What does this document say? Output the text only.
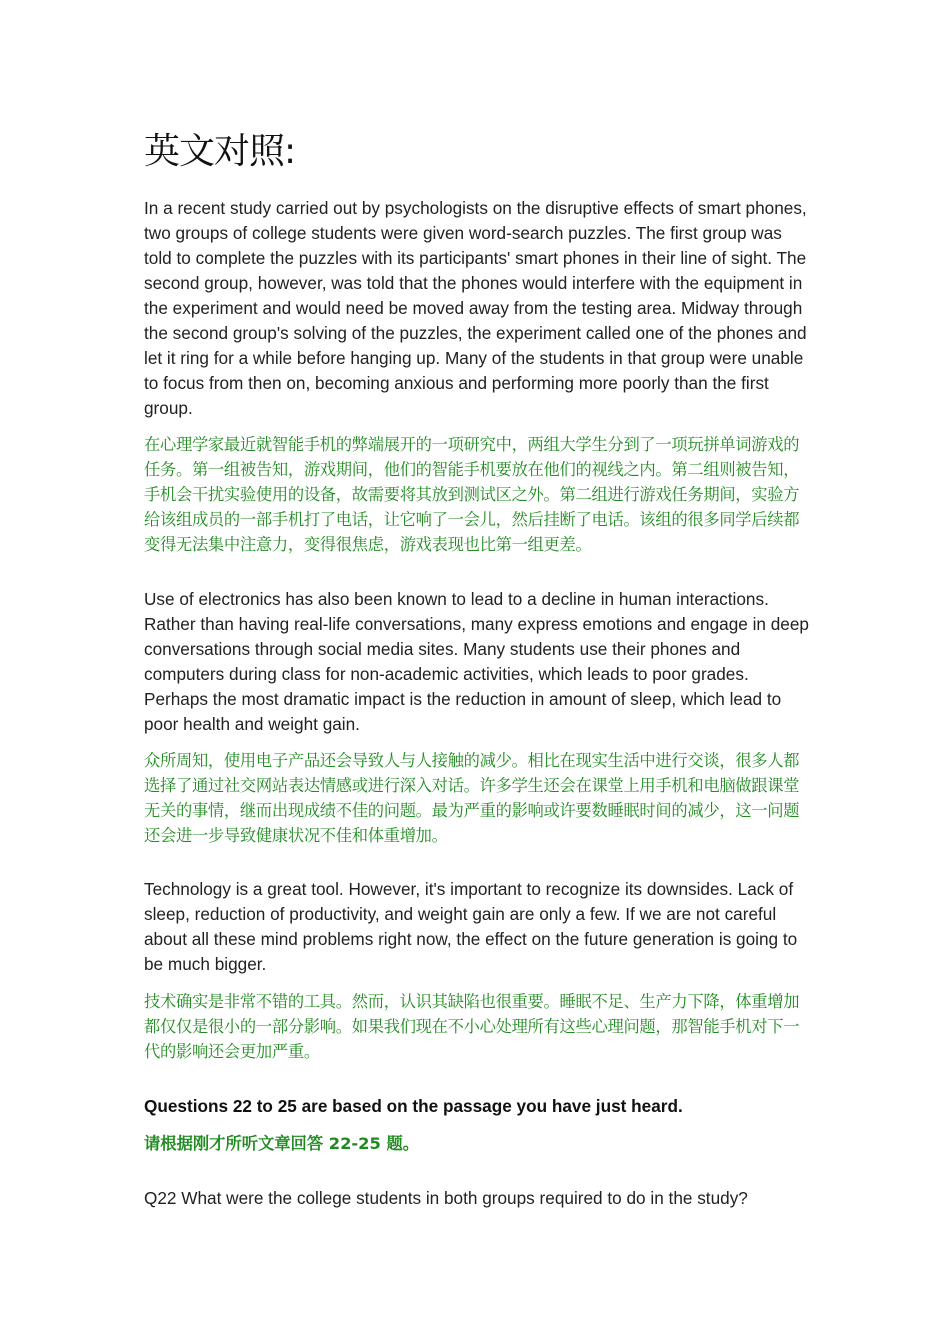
英文对照:

In a recent study carried out by psychologists on the disruptive effects of smart phones, two groups of college students were given word-search puzzles. The first group was told to complete the puzzles with its participants' smart phones in their line of sight. The second group, however, was told that the phones would interfere with the equipment in the experiment and would need be moved away from the testing area. Midway through the second group's solving of the puzzles, the experiment called one of the phones and let it ring for a while before hanging up. Many of the students in that group were unable to focus from then on, becoming anxious and performing more poorly than the first group.

在心理学家最近就智能手机的弊端展开的一项研究中，两组大学生分到了一项玩拼单词游戏的任务。第一组被告知，游戏期间，他们的智能手机要放在他们的视线之内。第二组则被告知，手机会干扰实验使用的设备，故需要将其放到测试区之外。第二组进行游戏任务期间，实验方给该组成员的一部手机打了电话，让它响了一会儿，然后挂断了电话。该组的很多同学后续都变得无法集中注意力，变得很焦虑，游戏表现也比第一组更差。

Use of electronics has also been known to lead to a decline in human interactions. Rather than having real-life conversations, many express emotions and engage in deep conversations through social media sites. Many students use their phones and computers during class for non-academic activities, which leads to poor grades. Perhaps the most dramatic impact is the reduction in amount of sleep, which lead to poor health and weight gain.

众所周知，使用电子产品还会导致人与人接触的减少。相比在现实生活中进行交谈，很多人都选择了通过社交网站表达情感或进行深入对话。许多学生还会在课堂上用手机和电脑做跟课堂无关的事情，继而出现成绩不佳的问题。最为严重的影响或许要数睡眠时间的减少，这一问题还会进一步导致健康状况不佳和体重增加。

Technology is a great tool. However, it's important to recognize its downsides. Lack of sleep, reduction of productivity, and weight gain are only a few. If we are not careful about all these mind problems right now, the effect on the future generation is going to be much bigger.

技术确实是非常不错的工具。然而，认识其缺陷也很重要。睡眠不足、生产力下降，体重增加都仅仅是很小的一部分影响。如果我们现在不小心处理所有这些心理问题，那智能手机对下一代的影响还会更加严重。

Questions 22 to 25 are based on the passage you have just heard.

请根据刚才所听文章回答 22-25 题。

Q22 What were the college students in both groups required to do in the study?
